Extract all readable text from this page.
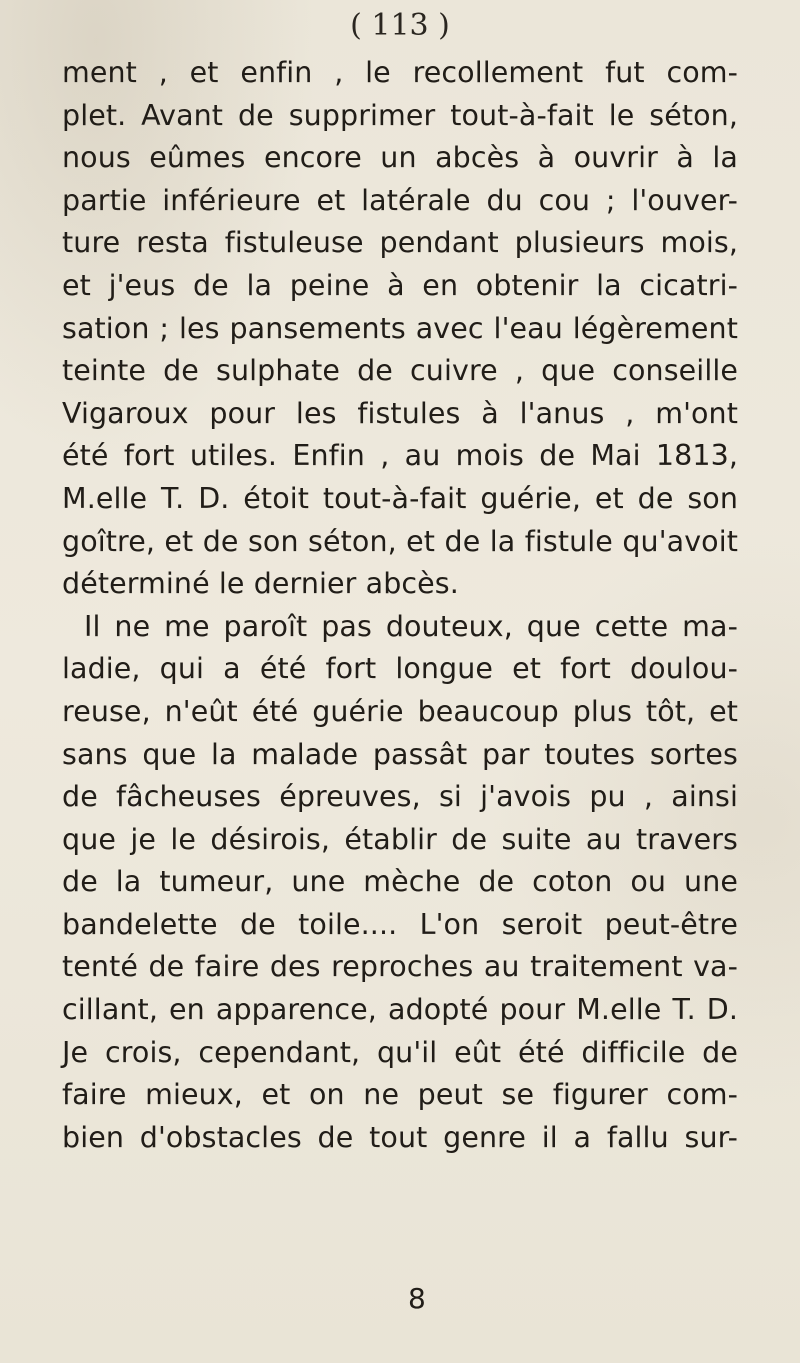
( 113 )
ment , et enfin , le recollement fut com-
plet. Avant de supprimer tout-à-fait le séton,
nous eûmes encore un abcès à ouvrir à la
partie inférieure et latérale du cou ; l'ouver-
ture resta fistuleuse pendant plusieurs mois,
et j'eus de la peine à en obtenir la cicatri-
sation ; les pansements avec l'eau légèrement
teinte de sulphate de cuivre , que conseille
Vigaroux pour les fistules à l'anus , m'ont
été fort utiles. Enfin , au mois de Mai 1813,
M.elle T. D. étoit tout-à-fait guérie, et de son
goître, et de son séton, et de la fistule qu'avoit
déterminé le dernier abcès.
Il ne me paroît pas douteux, que cette ma-
ladie, qui a été fort longue et fort doulou-
reuse, n'eût été guérie beaucoup plus tôt, et
sans que la malade passât par toutes sortes
de fâcheuses épreuves, si j'avois pu , ainsi
que je le désirois, établir de suite au travers
de la tumeur, une mèche de coton ou une
bandelette de toile.... L'on seroit peut-être
tenté de faire des reproches au traitement va-
cillant, en apparence, adopté pour M.elle T. D.
Je crois, cependant, qu'il eût été difficile de
faire mieux, et on ne peut se figurer com-
bien d'obstacles de tout genre il a fallu sur-
8
